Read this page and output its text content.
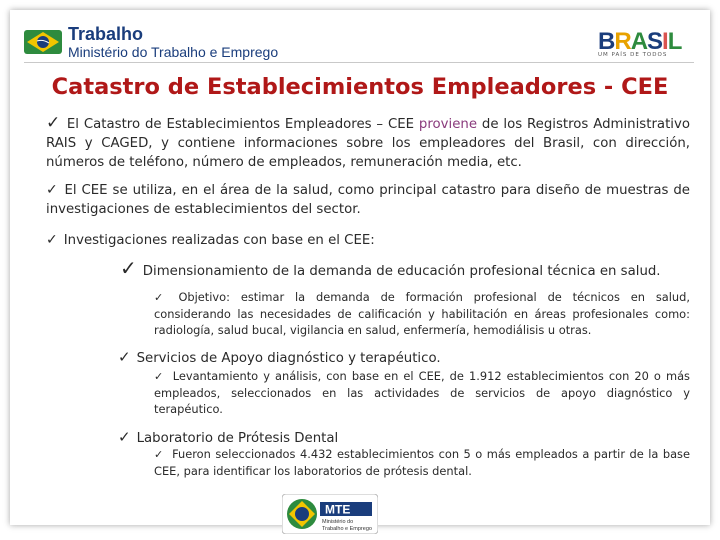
Trabalho
Ministério do Trabalho e Emprego	BRASIL
UM PAÍS DE TODOS
Catastro de Establecimientos Empleadores - CEE
✓ El Catastro de Establecimientos Empleadores – CEE proviene de los Registros Administrativo RAIS y CAGED, y contiene informaciones sobre los empleadores del Brasil, con dirección, números de teléfono, número de empleados, remuneración media, etc.
✓ El CEE se utiliza, en el área de la salud, como principal catastro para diseño de muestras de investigaciones de establecimientos del sector.
✓ Investigaciones realizadas con base en el CEE:
✓ Dimensionamiento de la demanda de educación profesional técnica en salud.
✓ Objetivo: estimar la demanda de formación profesional de técnicos en salud, considerando las necesidades de calificación y habilitación en áreas profesionales como: radiología, salud bucal, vigilancia en salud, enfermería, hemodiálisis u otras.
✓ Servicios de Apoyo diagnóstico y terapéutico.
✓ Levantamiento y análisis, con base en el CEE, de 1.912 establecimientos con 20 o más empleados, seleccionados en las actividades de servicios de apoyo diagnóstico y terapéutico.
✓ Laboratorio de Prótesis Dental
✓ Fueron seleccionados 4.432 establecimientos con 5 o más empleados a partir de la base CEE, para identificar los laboratorios de prótesis dental.
MTE
Ministério do
Trabalho e Emprego
